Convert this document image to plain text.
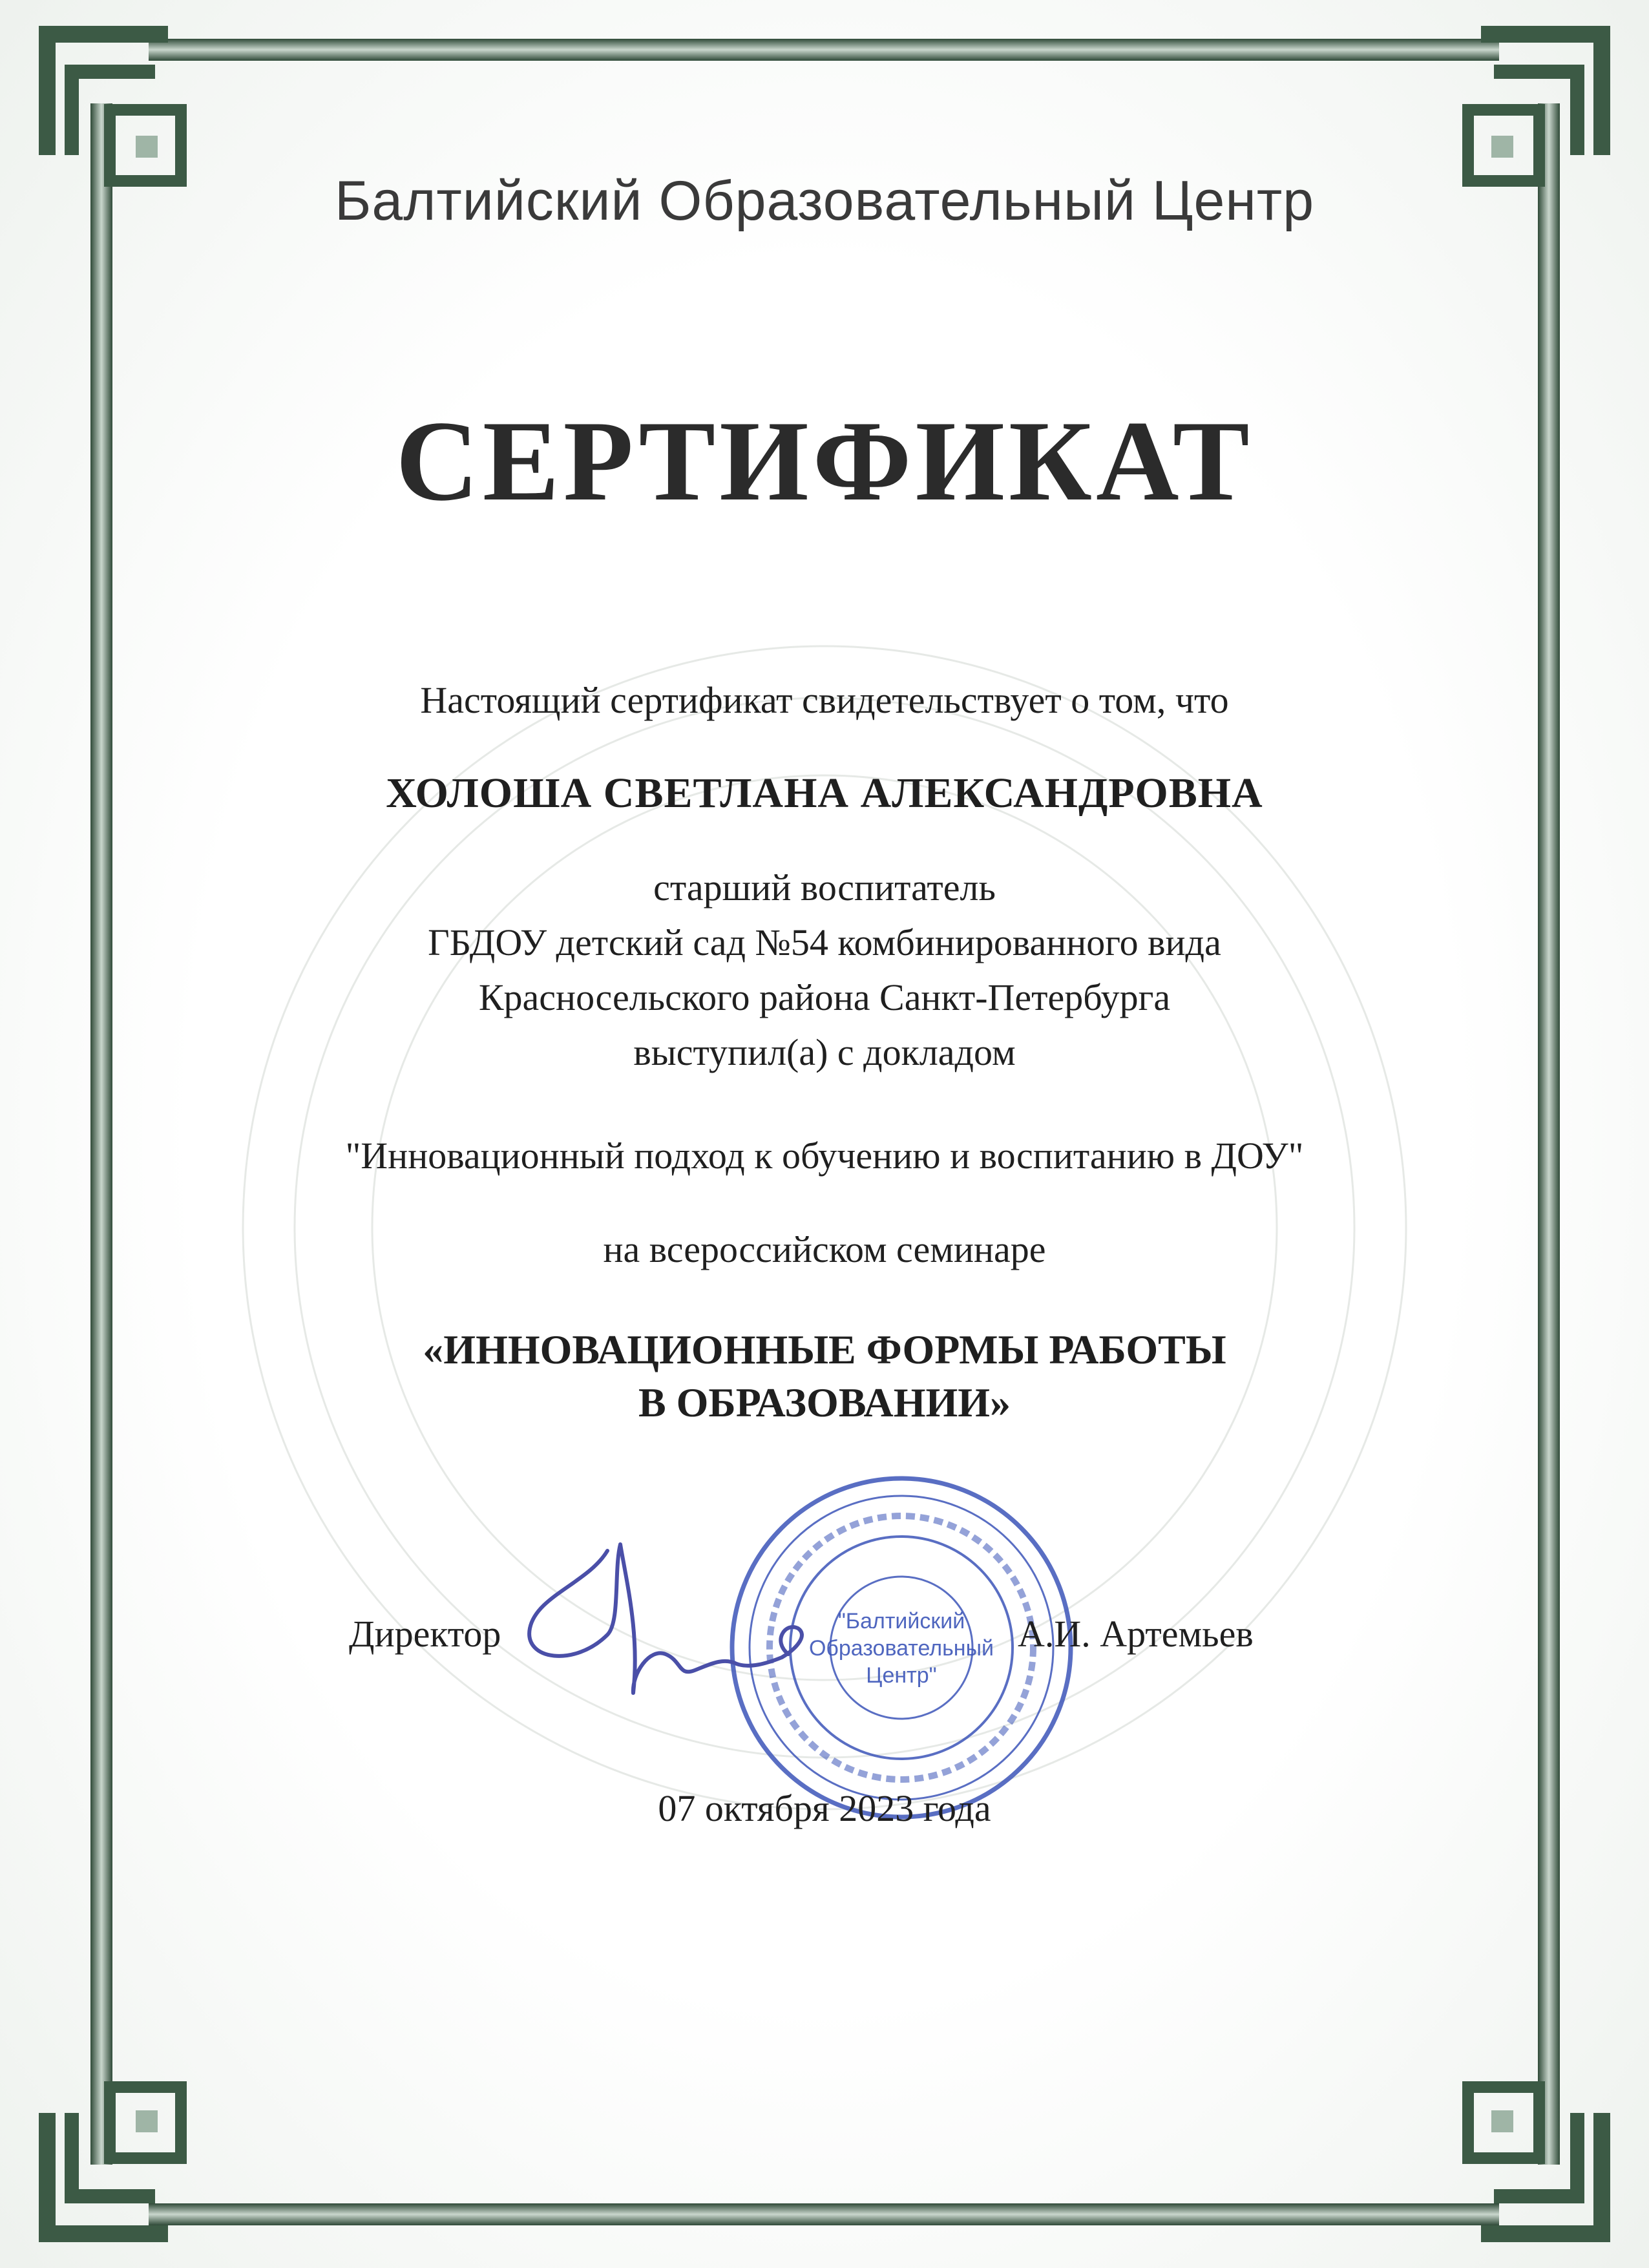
Балтийский Образовательный Центр
СЕРТИФИКАТ
Настоящий сертификат свидетельствует о том, что
ХОЛОША СВЕТЛАНА АЛЕКСАНДРОВНА
старший воспитатель
ГБДОУ детский сад №54 комбинированного вида
Красносельского района Санкт-Петербурга
выступил(а) с докладом
"Инновационный подход к обучению и воспитанию в ДОУ"
на всероссийском семинаре
«ИННОВАЦИОННЫЕ ФОРМЫ РАБОТЫ
В ОБРАЗОВАНИИ»
"Балтийский
Образовательный
Центр"
Директор	А.И. Артемьев
07 октября 2023 года
